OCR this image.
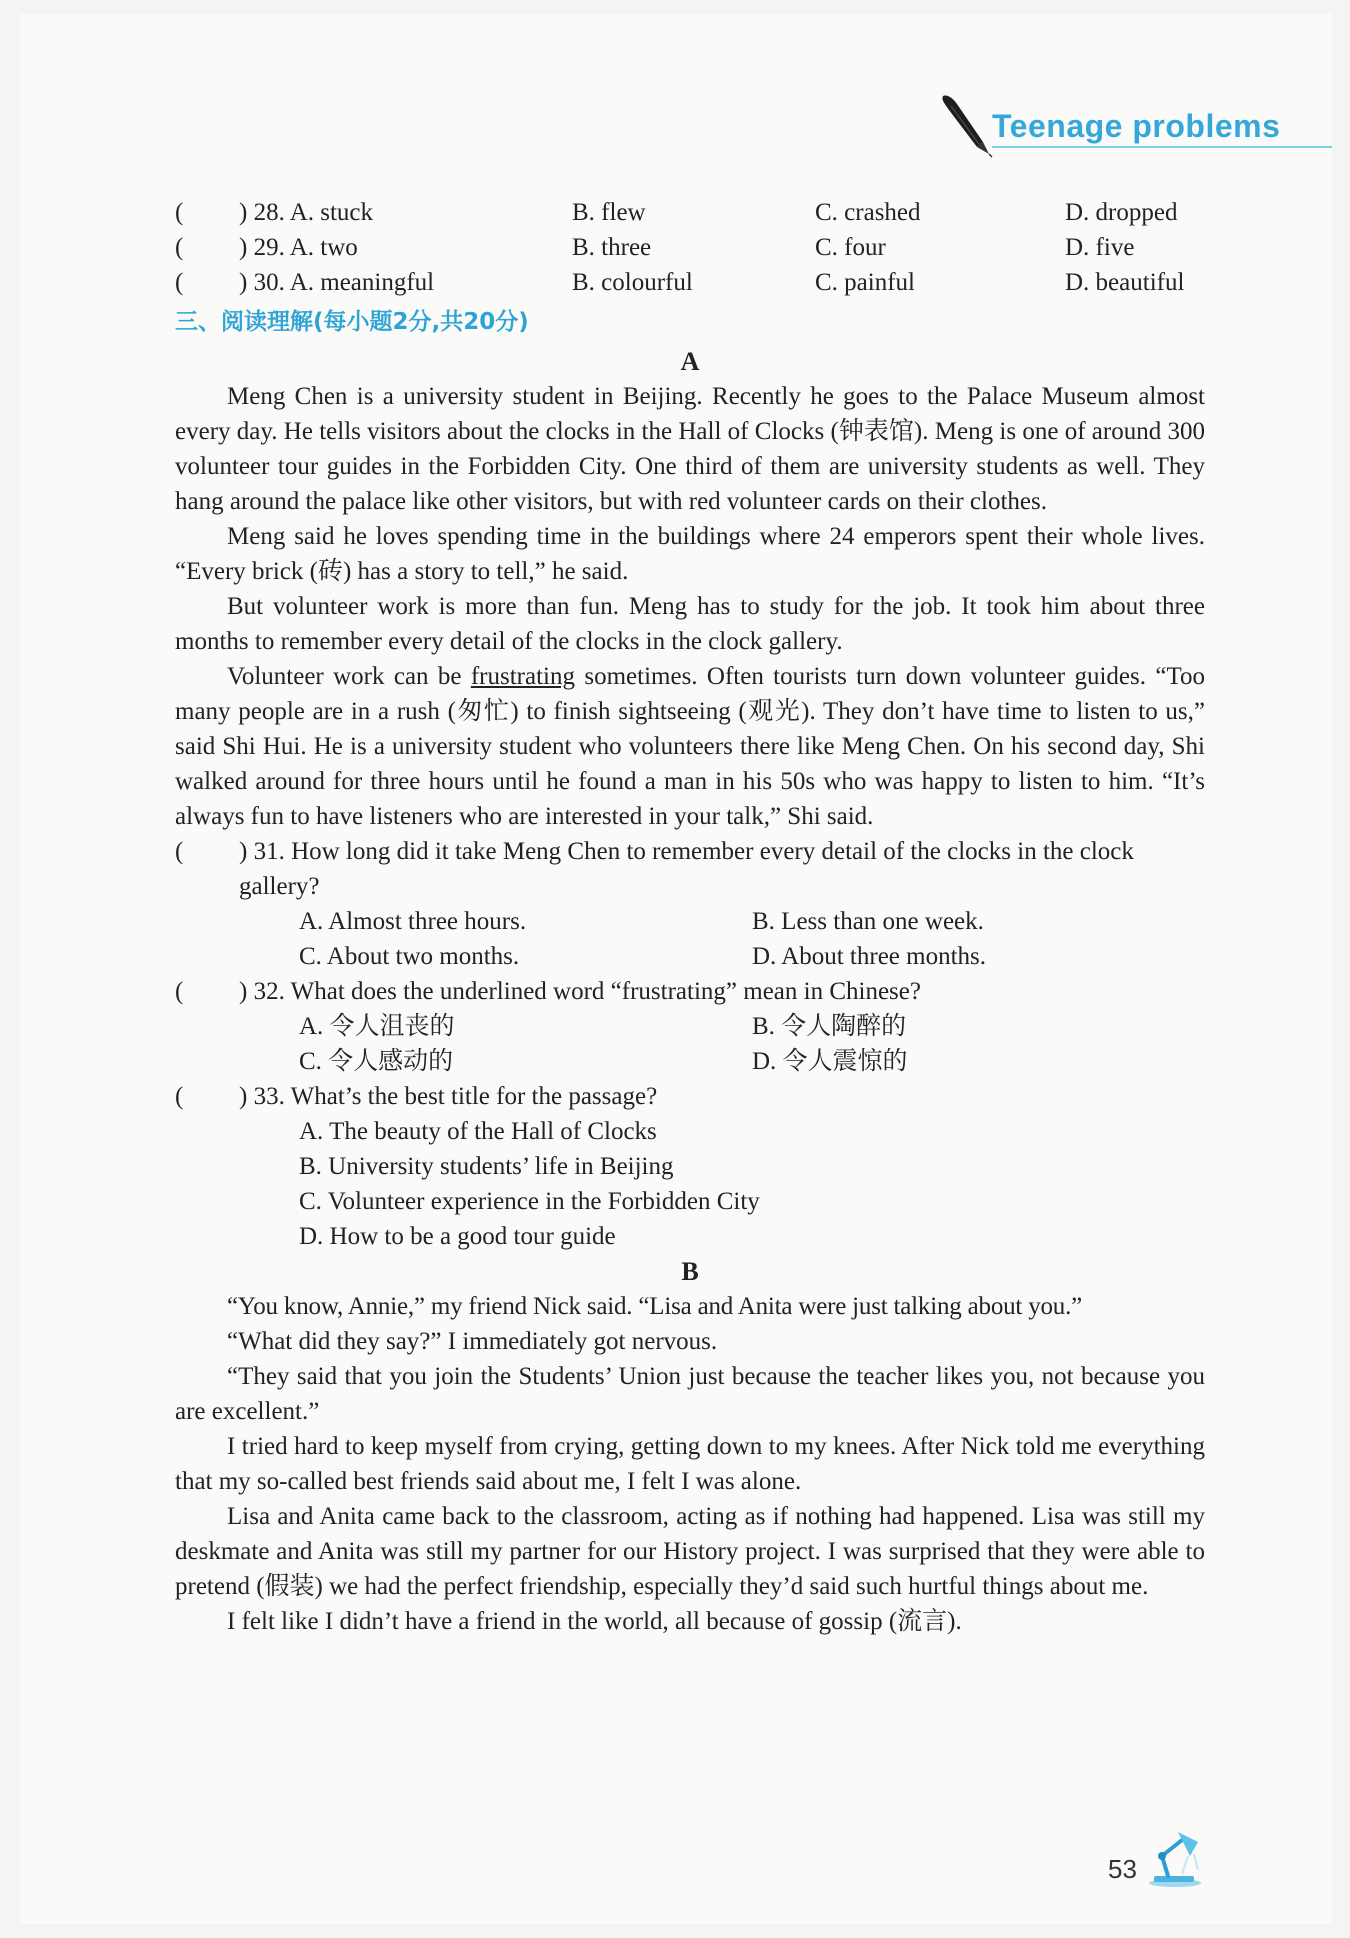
Teenage problems
(	) 28. A. stuck	B. flew	C. crashed	D. dropped
(	) 29. A. two	B. three	C. four	D. five
(	) 30. A. meaningful	B. colourful	C. painful	D. beautiful
三、阅读理解(每小题2分,共20分)
A
Meng Chen is a university student in Beijing. Recently he goes to the Palace Museum almost every day. He tells visitors about the clocks in the Hall of Clocks (钟表馆). Meng is one of around 300 volunteer tour guides in the Forbidden City. One third of them are university students as well. They hang around the palace like other visitors, but with red volunteer cards on their clothes.
Meng said he loves spending time in the buildings where 24 emperors spent their whole lives. “Every brick (砖) has a story to tell,” he said.
But volunteer work is more than fun. Meng has to study for the job. It took him about three months to remember every detail of the clocks in the clock gallery.
Volunteer work can be frustrating sometimes. Often tourists turn down volunteer guides. “Too many people are in a rush (匆忙) to finish sightseeing (观光). They don’t have time to listen to us,” said Shi Hui. He is a university student who volunteers there like Meng Chen. On his second day, Shi walked around for three hours until he found a man in his 50s who was happy to listen to him. “It’s always fun to have listeners who are interested in your talk,” Shi said.
(	) 31. How long did it take Meng Chen to remember every detail of the clocks in the clock gallery?
A. Almost three hours.	B. Less than one week.
C. About two months.	D. About three months.
(	) 32. What does the underlined word “frustrating” mean in Chinese?
A. 令人沮丧的	B. 令人陶醉的
C. 令人感动的	D. 令人震惊的
(	) 33. What’s the best title for the passage?
A. The beauty of the Hall of Clocks
B. University students’ life in Beijing
C. Volunteer experience in the Forbidden City
D. How to be a good tour guide
B
“You know, Annie,” my friend Nick said. “Lisa and Anita were just talking about you.”
“What did they say?” I immediately got nervous.
“They said that you join the Students’ Union just because the teacher likes you, not because you are excellent.”
I tried hard to keep myself from crying, getting down to my knees. After Nick told me everything that my so-called best friends said about me, I felt I was alone.
Lisa and Anita came back to the classroom, acting as if nothing had happened. Lisa was still my deskmate and Anita was still my partner for our History project. I was surprised that they were able to pretend (假装) we had the perfect friendship, especially they’d said such hurtful things about me.
I felt like I didn’t have a friend in the world, all because of gossip (流言).
53
